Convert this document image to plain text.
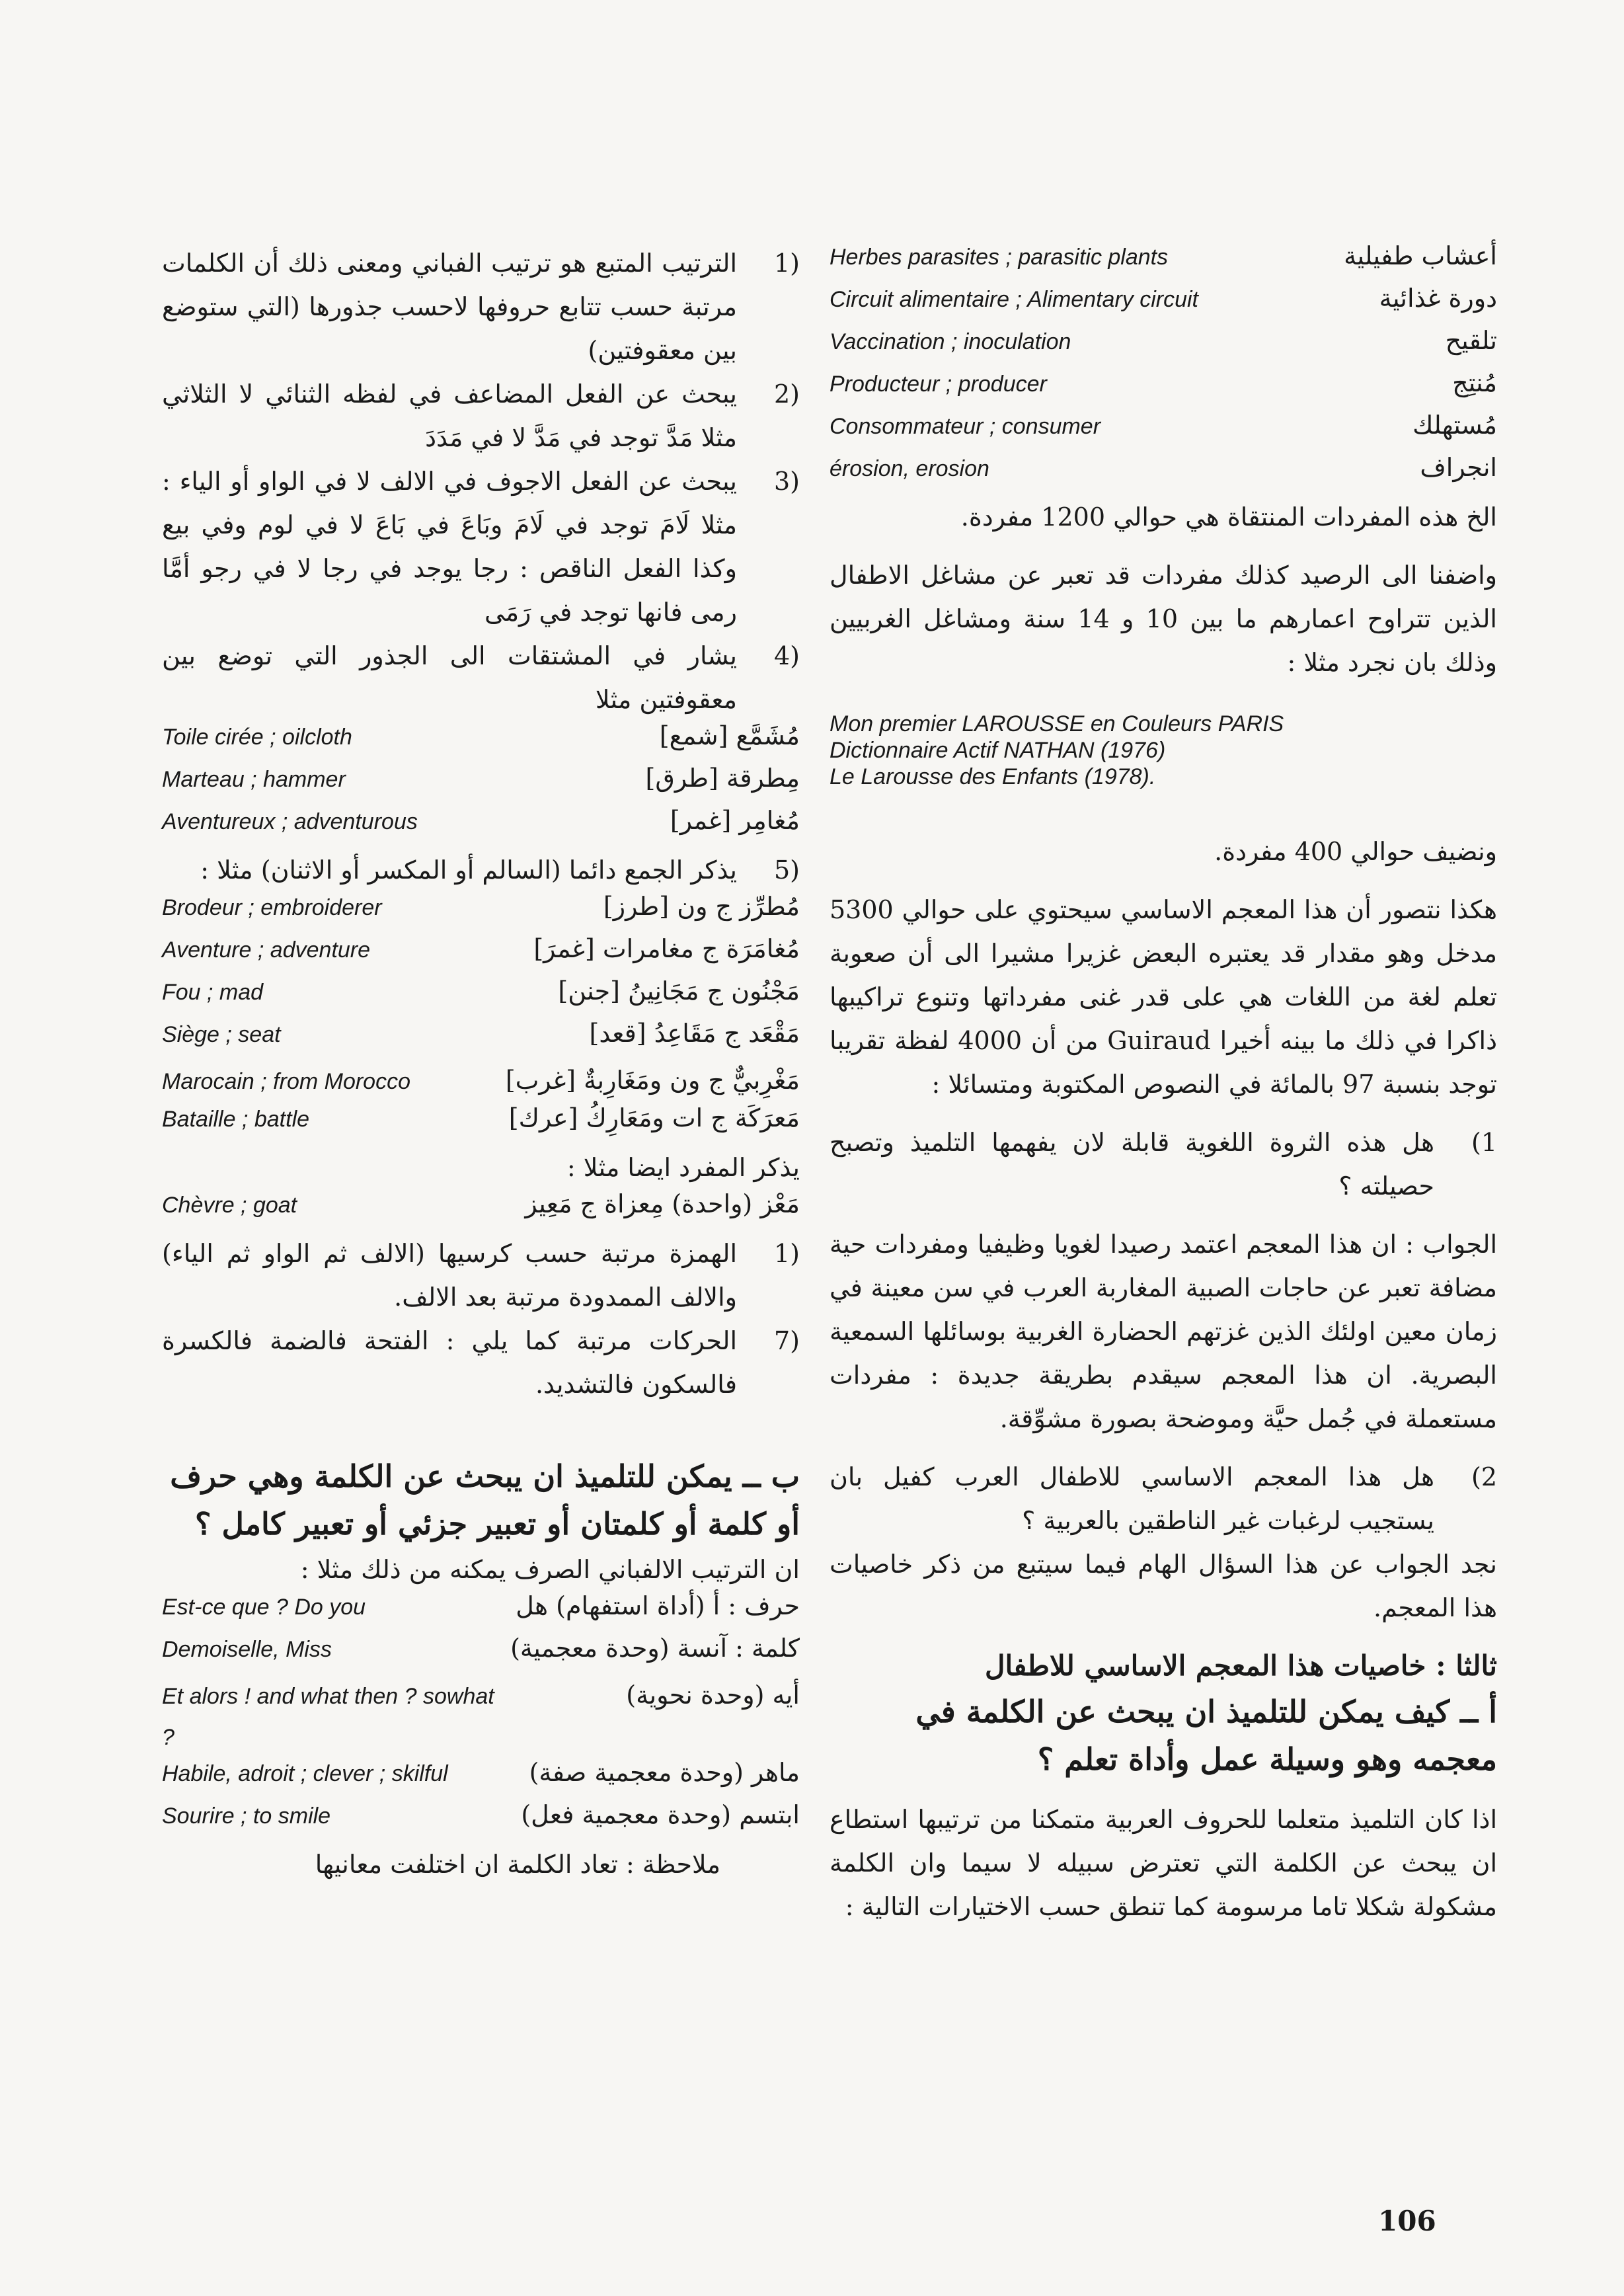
أعشاب طفيلية
Herbes parasites ; parasitic plants
دورة غذائية
Circuit alimentaire ; Alimentary circuit
تلقيح
Vaccination ; inoculation
مُنتِج
Producteur ; producer
مُستهلك
Consommateur ; consumer
انجراف
érosion, erosion
الخ هذه المفردات المنتقاة هي حوالي 1200 مفردة.
واضفنا الى الرصيد كذلك مفردات قد تعبر عن مشاغل الاطفال الذين تتراوح اعمارهم ما بين 10 و 14 سنة ومشاغل الغربيين وذلك بان نجرد مثلا :
Mon premier LAROUSSE en Couleurs PARIS
Dictionnaire Actif NATHAN (1976)
Le Larousse des Enfants (1978).
ونضيف حوالي 400 مفردة.
هكذا نتصور أن هذا المعجم الاساسي سيحتوي على حوالي 5300 مدخل وهو مقدار قد يعتبره البعض غزيرا مشيرا الى أن صعوبة تعلم لغة من اللغات هي على قدر غنى مفرداتها وتنوع تراكيبها ذاكرا في ذلك ما بينه أخيرا Guiraud من أن 4000 لفظة تقريبا توجد بنسبة 97 بالمائة في النصوص المكتوبة ومتسائلا :
1)
هل هذه الثروة اللغوية قابلة لان يفهمها التلميذ وتصبح حصيلته ؟
الجواب : ان هذا المعجم اعتمد رصيدا لغويا وظيفيا ومفردات حية مضافة تعبر عن حاجات الصبية المغاربة العرب في سن معينة في زمان معين اولئك الذين غزتهم الحضارة الغربية بوسائلها السمعية البصرية. ان هذا المعجم سيقدم بطريقة جديدة : مفردات مستعملة في جُمل حيَّة وموضحة بصورة مشوِّقة.
2)
هل هذا المعجم الاساسي للاطفال العرب كفيل بان يستجيب لرغبات غير الناطقين بالعربية ؟
نجد الجواب عن هذا السؤال الهام فيما سيتبع من ذكر خاصيات هذا المعجم.
ثالثا : خاصيات هذا المعجم الاساسي للاطفال
أ ــ كيف يمكن للتلميذ ان يبحث عن الكلمة في معجمه وهو وسيلة عمل وأداة تعلم ؟
اذا كان التلميذ متعلما للحروف العربية متمكنا من ترتيبها استطاع ان يبحث عن الكلمة التي تعترض سبيله لا سيما وان الكلمة مشكولة شكلا تاما مرسومة كما تنطق حسب الاختيارات التالية :
(1
الترتيب المتبع هو ترتيب الفباني ومعنى ذلك أن الكلمات مرتبة حسب تتابع حروفها لاحسب جذورها (التي ستوضع بين معقوفتين)
(2
يبحث عن الفعل المضاعف في لفظه الثنائي لا الثلاثي مثلا مَدَّ توجد في مَدَّ لا في مَدَدَ
(3
يبحث عن الفعل الاجوف في الالف لا في الواو أو الياء : مثلا لَامَ توجد في لَامَ وبَاعَ في بَاعَ لا في لوم وفي بيع وكذا الفعل الناقص : رجا يوجد في رجا لا في رجو أمَّا رمى فانها توجد في رَمَى
(4
يشار في المشتقات الى الجذور التي توضع بين معقوفتين مثلا
مُشَمَّع [شمع]
Toile cirée ; oilcloth
مِطرقة [طرق]
Marteau ; hammer
مُغامِر [غمر]
Aventureux ; adventurous
(5
يذكر الجمع دائما (السالم أو المكسر أو الاثنان) مثلا :
مُطرِّز ج ون [طرز]
Brodeur ; embroiderer
مُغامَرَة ج مغامرات [غمرَ]
Aventure ; adventure
مَجْنُون ج مَجَانِينُ [جنن]
Fou ; mad
مَقْعَد ج مَقَاعِدُ [قعد]
Siège ; seat
مَغْرِبيٌّ ج ون ومَغَارِبةٌ [غرب]
Marocain ; from Morocco
مَعرَكَة ج ات ومَعَارِكُ [عرك]
Bataille ; battle
يذكر المفرد ايضا مثلا :
مَعْز (واحدة) مِعزاة ج مَعِيز
Chèvre ; goat
(1
الهمزة مرتبة حسب كرسيها (الالف ثم الواو ثم الياء) والالف الممدودة مرتبة بعد الالف.
(7
الحركات مرتبة كما يلي : الفتحة فالضمة فالكسرة فالسكون فالتشديد.
ب ــ يمكن للتلميذ ان يبحث عن الكلمة وهي حرف أو كلمة أو كلمتان أو تعبير جزئي أو تعبير كامل ؟
ان الترتيب الالفباني الصرف يمكنه من ذلك مثلا :
حرف : أ (أداة استفهام) هل
Est-ce que ? Do you
كلمة : آنسة (وحدة معجمية)
Demoiselle, Miss
أيه (وحدة نحوية)
Et alors ! and what then ? sowhat ?
ماهر (وحدة معجمية صفة)
Habile, adroit ; clever ; skilful
ابتسم (وحدة معجمية فعل)
Sourire ; to smile
ملاحظة : تعاد الكلمة ان اختلفت معانيها
106
